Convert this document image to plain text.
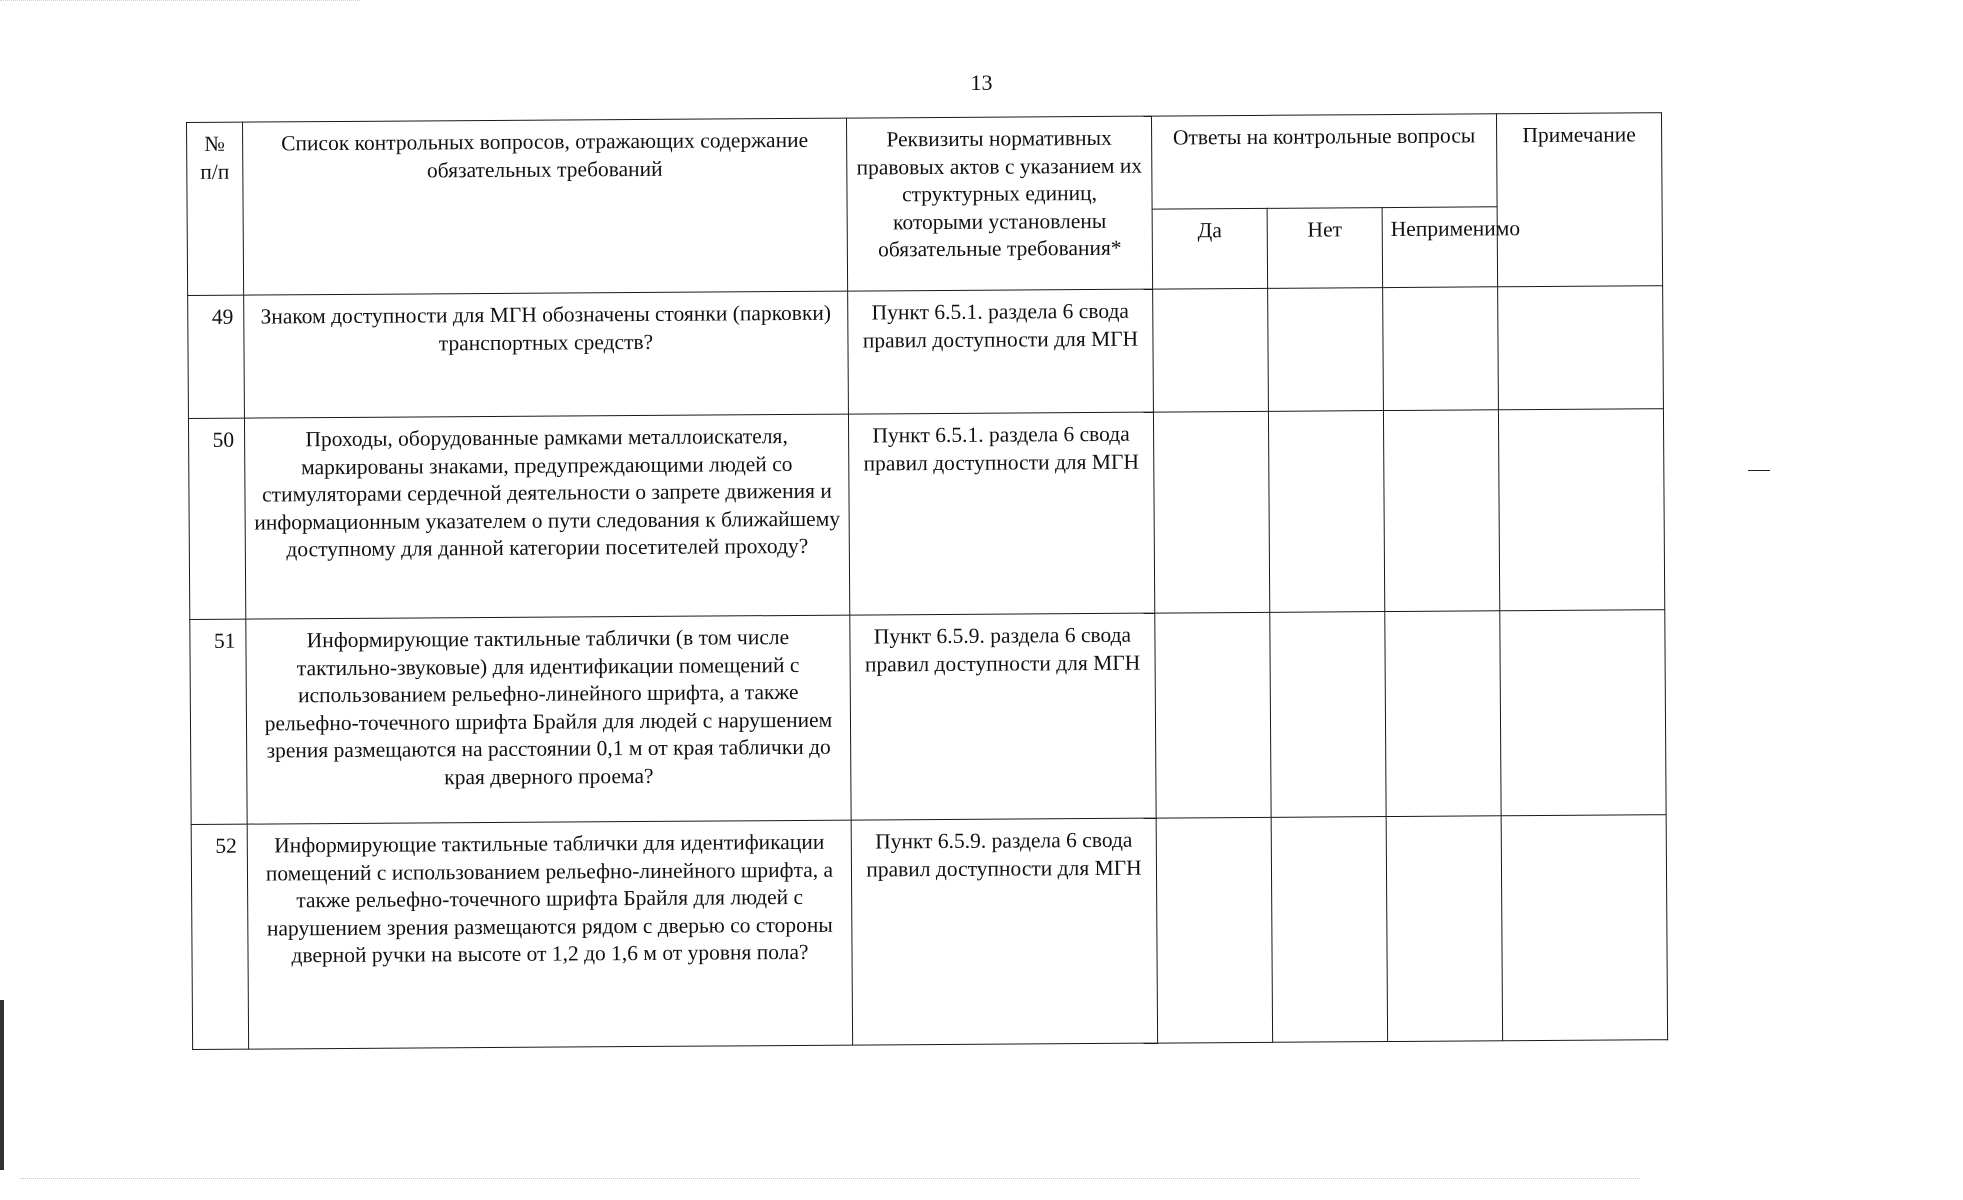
13
№ п/п	Список контрольных вопросов, отражающих содержание обязательных требований	Реквизиты нормативных правовых актов с указанием их структурных единиц, которыми установлены обязательные требования*	Ответы на контрольные вопросы			Примечание
			Да	Нет	Неприменимо	
49	Знаком доступности для МГН обозначены стоянки (парковки) транспортных средств?	Пункт 6.5.1. раздела 6 свода правил доступности для МГН				
50	Проходы, оборудованные рамками металлоискателя, маркированы знаками, предупреждающими людей со стимуляторами сердечной деятельности о запрете движения и информационным указателем о пути следования к ближайшему доступному для данной категории посетителей проходу?	Пункт 6.5.1. раздела 6 свода правил доступности для МГН				
51	Информирующие тактильные таблички (в том числе тактильно-звуковые) для идентификации помещений с использованием рельефно-линейного шрифта, а также рельефно-точечного шрифта Брайля для людей с нарушением зрения размещаются на расстоянии 0,1 м от края таблички до края дверного проема?	Пункт 6.5.9. раздела 6 свода правил доступности для МГН				
52	Информирующие тактильные таблички для идентификации помещений с использованием рельефно-линейного шрифта, а также рельефно-точечного шрифта Брайля для людей с нарушением зрения размещаются рядом с дверью со стороны дверной ручки на высоте от 1,2 до 1,6 м от уровня пола?	Пункт 6.5.9. раздела 6 свода правил доступности для МГН				
